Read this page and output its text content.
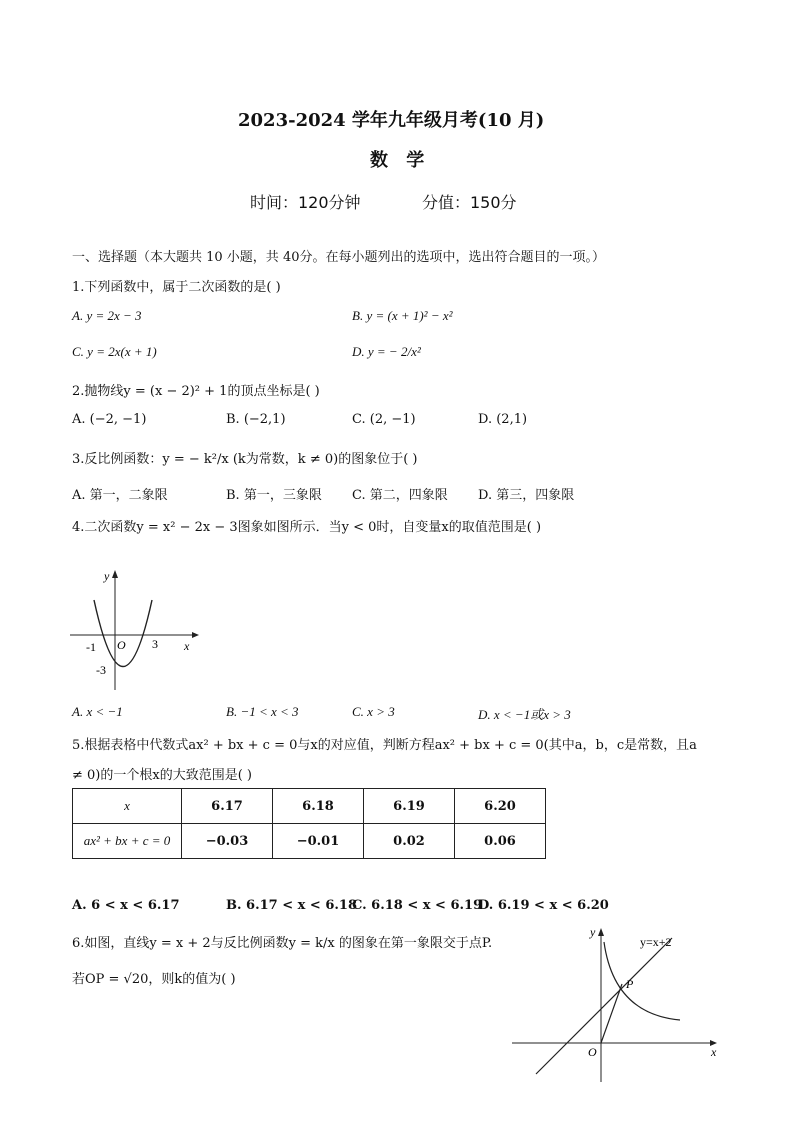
2023-2024 学年九年级月考(10 月)
数 学
时间：120分钟	分值：150分
一、选择题（本大题共 10 小题，共 40分。在每小题列出的选项中，选出符合题目的一项。）
1.下列函数中，属于二次函数的是( )
A. y = 2x − 3	B. y = (x + 1)² − x²
C. y = 2x(x + 1)	D. y = − 2/x²
2.抛物线y = (x − 2)² + 1的顶点坐标是( )
A. (−2, −1)	B. (−2,1)	C. (2, −1)	D. (2,1)
3.反比例函数：y = − k²/x (k为常数，k ≠ 0)的图象位于( )
A. 第一，二象限	B. 第一，三象限 C. 第二，四象限 D. 第三，四象限
4.二次函数y = x² − 2x − 3图象如图所示．当y < 0时，自变量x的取值范围是( )
y
x
O
-1	3
-3
A. x < −1	B. −1 < x < 3	C. x > 3	D. x < −1或x > 3
5.根据表格中代数式ax² + bx + c = 0与x的对应值，判断方程ax² + bx + c = 0(其中a，b，c是常数，且a
≠ 0)的一个根x的大致范围是( )
x	6.17	6.18	6.19	6.20
ax² + bx + c = 0	−0.03	−0.01	0.02	0.06
A. 6 < x < 6.17	B. 6.17 < x < 6.18
C. 6.18 < x < 6.19
D. 6.19 < x < 6.20
6.如图，直线y = x + 2与反比例函数y = k/x 的图象在第一象限交于点P.
若OP = √20，则k的值为( )
y
x
O
P
y=x+2
